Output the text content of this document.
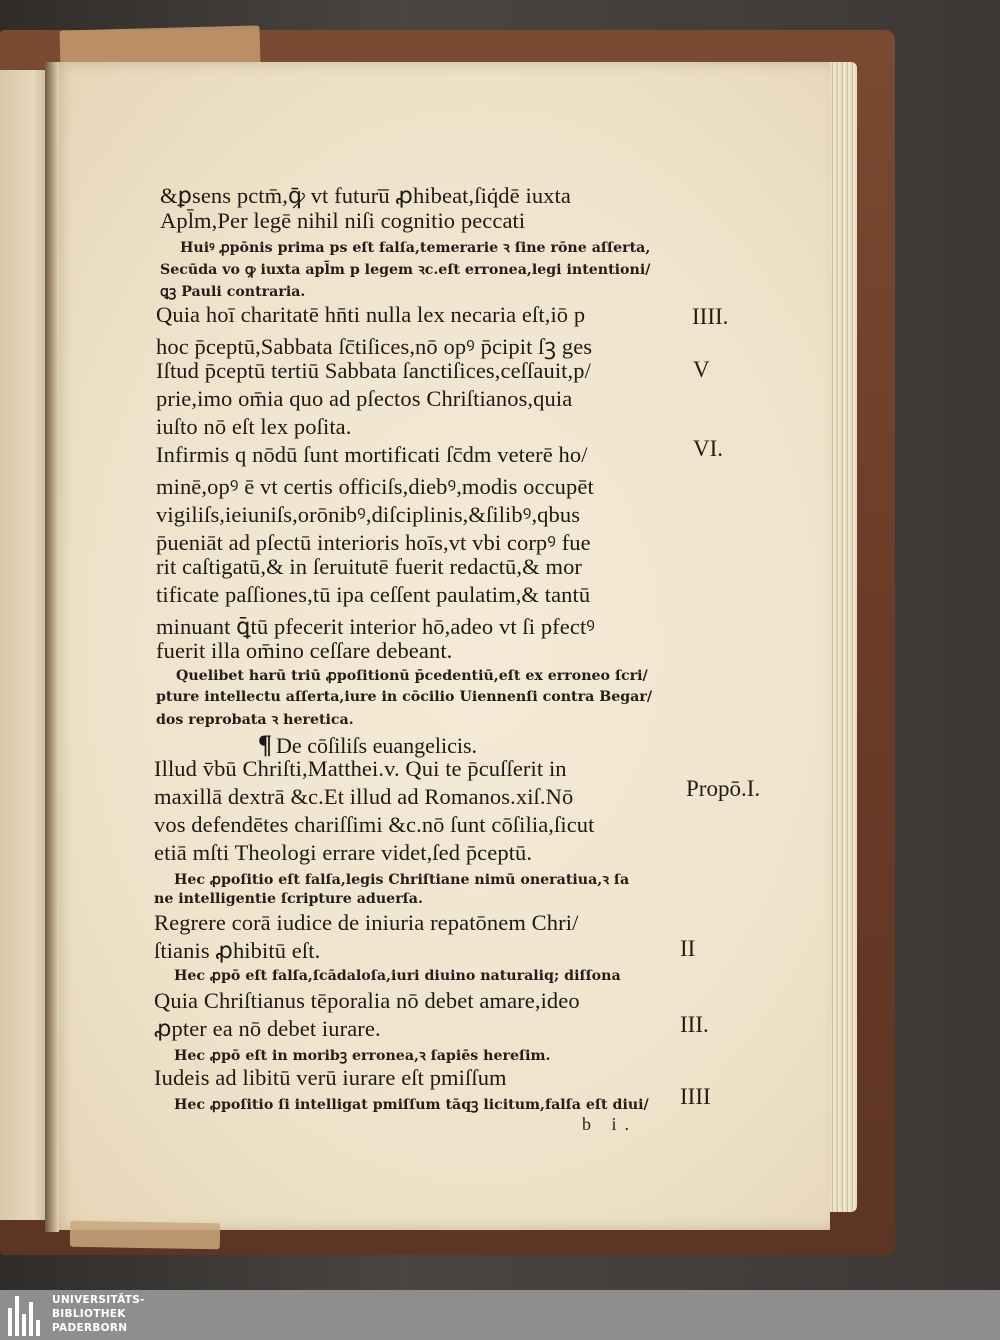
&ꝑsens pctm̄,ꝙ̄ vt futuru̅ ꝓhibeat,ſiq̇dē iuxta
Apl̄m,Per legē nihil niſi cognitio peccati
Huiꝰ ꝓpōnis prima ps eſt falſa,temerarie ꝛ ſine rōne aſſerta,
Secūda vo ꝙ iuxta apl̄m p legem ꝛc.eſt erronea,legi intentioni/
ꝗꝫ Pauli contraria.
Quia hoī charitatē hn̄ti nulla lex necaria eſt,iō p
hoc p̄ceptū,Sabbata ſc̄tiſices,nō opꝰ p̄cipit ſꝫ ges
Iſtud p̄ceptū tertiū Sabbata ſanctiſices,ceſſauit,p/
prie,imo om̄ia quo ad pſectos Chriſtianos,quia
iuſto nō eſt lex poſita.
Infirmis q nōdū ſunt mortificati ſc̄dm veterē ho/
minē,opꝰ ē vt certis officiſs,diebꝰ,modis occupēt
vigiliſs,ieiuniſs,orōnibꝰ,diſciplinis,&ſilibꝰ,qbus
p̄ueniāt ad pſectū interioris hoīs,vt vbi corpꝰ fue
rit caſtigatū,& in ſeruitutē fuerit redactū,& mor
tificate paſſiones,tū ipa ceſſent paulatim,& tantū
minuant ꝗ̄tū pfecerit interior hō,adeo vt ſi pfectꝰ
fuerit illa om̄ino ceſſare debeant.
Quelibet harū triū ꝓpoſitionū p̄cedentiū,eſt ex erroneo ſcri/
pture intellectu aſſerta,iure in cōcilio Uiennenſi contra Begar/
dos reprobata ꝛ heretica.
¶ De cōſiliſs euangelicis.
Illud v̄bū Chriſti,Matthei.v. Qui te p̄cuſſerit in
maxillā dextrā &c.Et illud ad Romanos.xiſ.Nō
vos defendētes chariſſimi &c.nō ſunt cōſilia,ſicut
etiā mſti Theologi errare videt,ſed p̄ceptū.
Hec ꝓpoſitio eſt falſa,legis Chriſtiane nimū oneratiua,ꝛ ſa
ne intelligentie ſcripture aduerſa.
Regrere corā iudice de iniuria repatōnem Chri/
ſtianis ꝓhibitū eſt.
Hec ꝓpō eſt falſa,ſcādaloſa,iuri diuino naturaliq; diſſona
Quia Chriſtianus tēporalia nō debet amare,ideo
ꝓpter ea nō debet iurare.
Hec ꝓpō eſt in moribꝫ erronea,ꝛ ſapiēs hereſim.
Iudeis ad libitū verū iurare eſt pmiſſum
Hec ꝓpoſitio ſi intelligat pmiſſum tāqꝫ licitum,falſa eſt diui/
b i.
IIII.
V
VI.
Propō.I.
II
III.
IIII
UNIVERSITÄTS-
BIBLIOTHEK
PADERBORN
